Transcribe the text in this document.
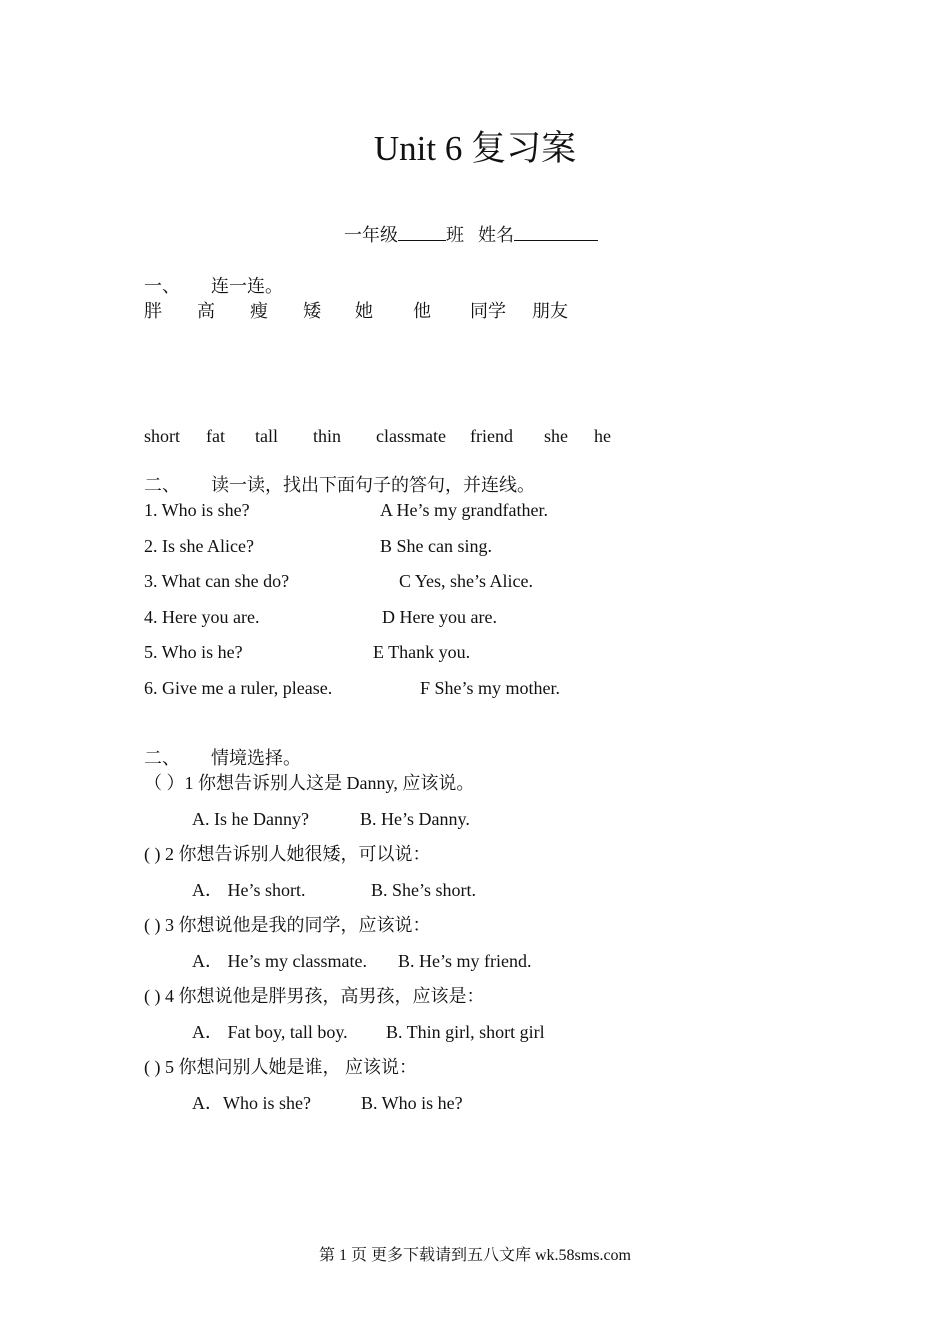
Unit 6 复习案
一年级	班 姓名
一、 连一连。
胖 高 瘦 矮 她 他 同学 朋友
short fat tall thin classmate friend she he
二、 读一读，找出下面句子的答句，并连线。
1. Who is she?	A He’s my grandfather.
2. Is she Alice?	B She can sing.
3. What can she do?	C Yes, she’s Alice.
4. Here you are.	D Here you are.
5. Who is he?	E Thank you.
6. Give me a ruler, please.	F She’s my mother.
二、 情境选择。
（ ）1 你想告诉别人这是 Danny, 应该说。
A. Is he Danny?	B. He’s Danny.
( ) 2 你想告诉别人她很矮，可以说：
A． He’s short.	B. She’s short.
( ) 3 你想说他是我的同学，应该说：
A． He’s my classmate. B. He’s my friend.
( ) 4 你想说他是胖男孩，高男孩，应该是：
A． Fat boy, tall boy. B. Thin girl, short girl
( ) 5 你想问别人她是谁， 应该说：
A．Who is she?	B. Who is he?
第 1 页 更多下载请到五八文库 wk.58sms.com
